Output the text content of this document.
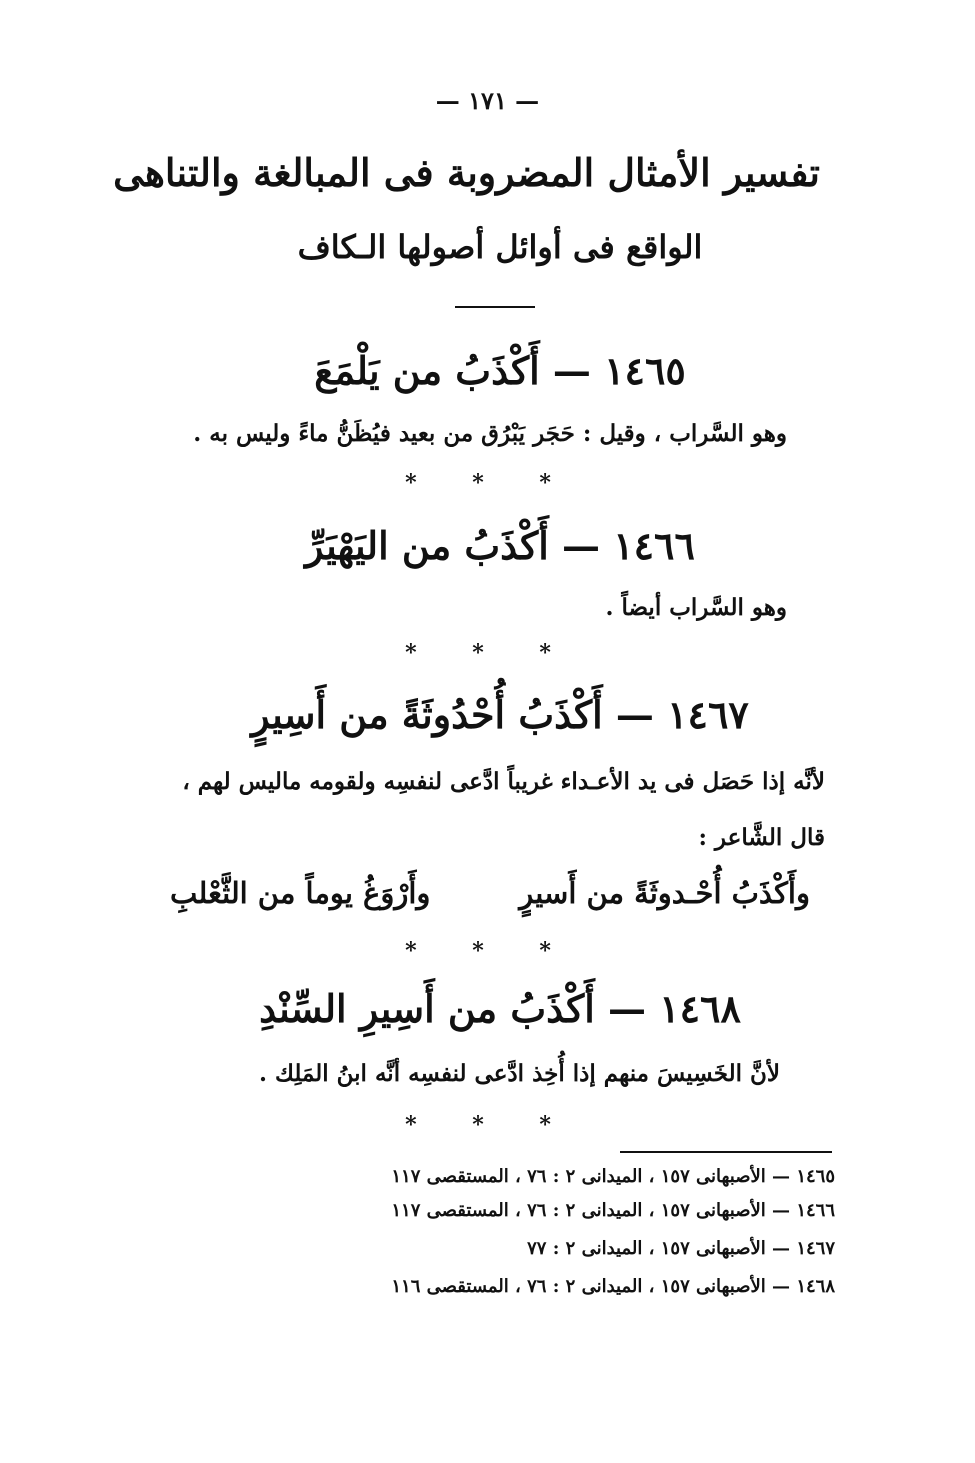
— ١٧١ —
تفسير الأمثال المضروبة فى المبالغة والتناهى
الواقع فى أوائل أصولها الـكاف
١٤٦٥ — أَكْذَبُ من يَلْمَعَ
وهو السَّراب ، وقيل : حَجَر يَبْرُق من بعيد فيُظَنُّ ماءً وليس به .
* * *
١٤٦٦ — أَكْذَبُ من اليَهْيَرِّ
وهو السَّراب أيضاً .
* * *
١٤٦٧ — أَكْذَبُ أُحْدُوثَةً من أَسِيرٍ
لأنَّه إذا حَصَل فى يد الأعـداء غريباً ادَّعى لنفسِه ولقومه ماليس لهم ،
قال الشَّاعر :
وأَكْذَبُ أُحْـدوثَةً من أَسيرٍ
وأَرْوَغُ يوماً من الثَّعْلبِ
* * *
١٤٦٨ — أَكْذَبُ من أَسِيرِ السِّنْدِ
لأنَّ الخَسِيسَ منهم إذا أُخِذ ادَّعى لنفسِه أنَّه ابنُ المَلِك .
* * *
١٤٦٥ — الأصبهانى ١٥٧ ، الميدانى ٢ : ٧٦ ، المستقصى ١١٧
١٤٦٦ — الأصبهانى ١٥٧ ، الميدانى ٢ : ٧٦ ، المستقصى ١١٧
١٤٦٧ — الأصبهانى ١٥٧ ، الميدانى ٢ : ٧٧
١٤٦٨ — الأصبهانى ١٥٧ ، الميدانى ٢ : ٧٦ ، المستقصى ١١٦
